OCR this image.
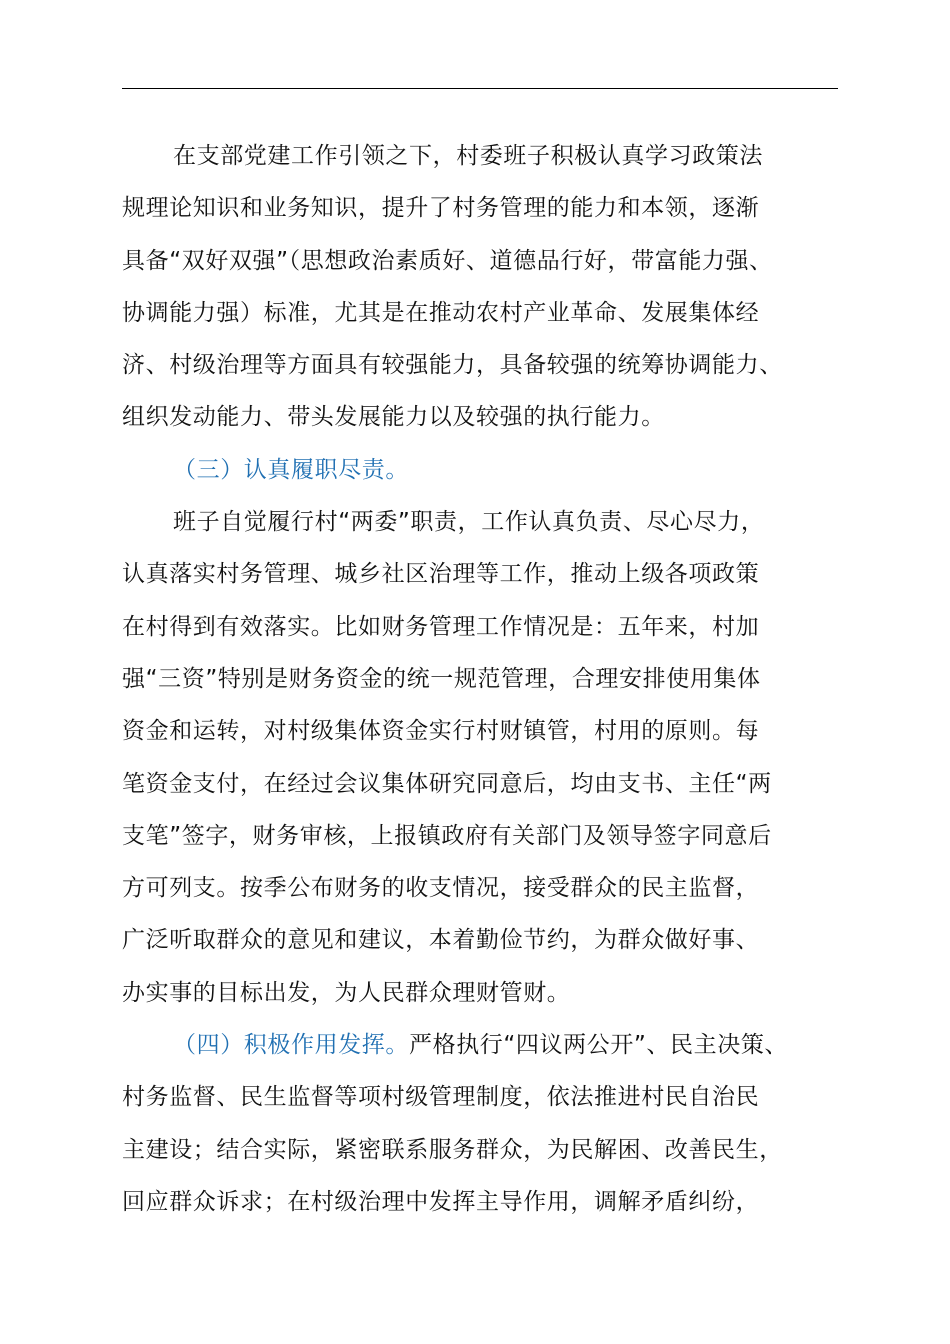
在支部党建工作引领之下，村委班子积极认真学习政策法
规理论知识和业务知识，提升了村务管理的能力和本领，逐渐
具备“双好双强”（思想政治素质好、道德品行好，带富能力强、
协调能力强）标准，尤其是在推动农村产业革命、发展集体经
济、村级治理等方面具有较强能力，具备较强的统筹协调能力、
组织发动能力、带头发展能力以及较强的执行能力。
（三）认真履职尽责。
班子自觉履行村“两委”职责，工作认真负责、尽心尽力，
认真落实村务管理、城乡社区治理等工作，推动上级各项政策
在村得到有效落实。比如财务管理工作情况是：五年来，村加
强“三资”特别是财务资金的统一规范管理，合理安排使用集体
资金和运转，对村级集体资金实行村财镇管，村用的原则。每
笔资金支付，在经过会议集体研究同意后，均由支书、主任“两
支笔”签字，财务审核，上报镇政府有关部门及领导签字同意后
方可列支。按季公布财务的收支情况，接受群众的民主监督，
广泛听取群众的意见和建议，本着勤俭节约，为群众做好事、
办实事的目标出发，为人民群众理财管财。
（四）积极作用发挥。严格执行“四议两公开”、民主决策、
村务监督、民生监督等项村级管理制度，依法推进村民自治民
主建设；结合实际，紧密联系服务群众，为民解困、改善民生，
回应群众诉求；在村级治理中发挥主导作用，调解矛盾纠纷，
